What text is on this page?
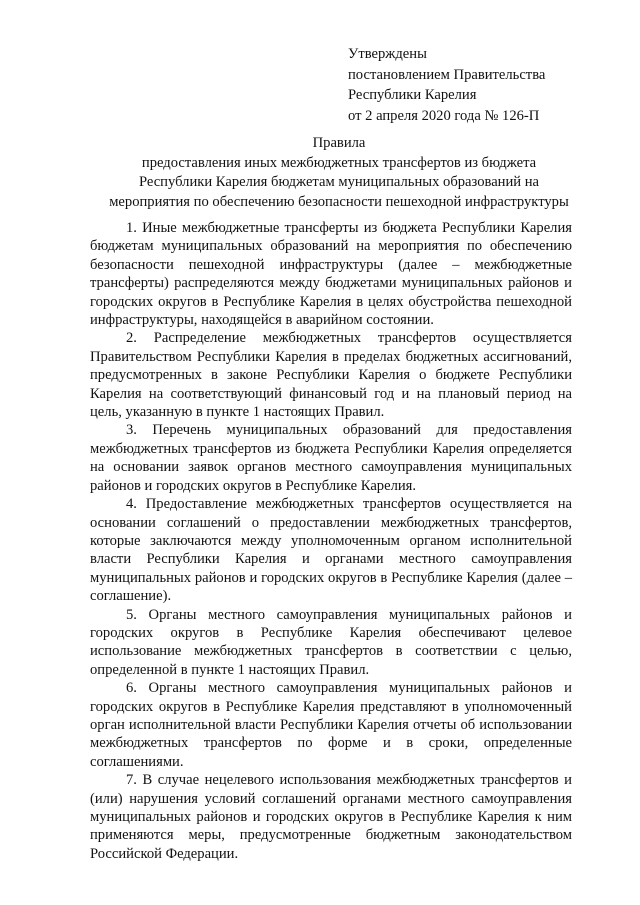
Утверждены
постановлением Правительства
Республики Карелия
от 2 апреля 2020 года № 126-П
Правила
предоставления иных межбюджетных трансфертов из бюджета
Республики Карелия бюджетам муниципальных образований на
мероприятия по обеспечению безопасности пешеходной инфраструктуры

1. Иные межбюджетные трансферты из бюджета Республики Карелия бюджетам муниципальных образований на мероприятия по обеспечению безопасности пешеходной инфраструктуры (далее – межбюджетные трансферты) распределяются между бюджетами муниципальных районов и городских округов в Республике Карелия в целях обустройства пешеходной инфраструктуры, находящейся в аварийном состоянии.

2. Распределение межбюджетных трансфертов осуществляется Правительством Республики Карелия в пределах бюджетных ассигнований, предусмотренных в законе Республики Карелия о бюджете Республики Карелия на соответствующий финансовый год и на плановый период на цель, указанную в пункте 1 настоящих Правил.

3. Перечень муниципальных образований для предоставления межбюджетных трансфертов из бюджета Республики Карелия определяется на основании заявок органов местного самоуправления муниципальных районов и городских округов в Республике Карелия.

4. Предоставление межбюджетных трансфертов осуществляется на основании соглашений о предоставлении межбюджетных трансфертов, которые заключаются между уполномоченным органом исполнительной власти Республики Карелия и органами местного самоуправления муниципальных районов и городских округов в Республике Карелия (далее – соглашение).

5. Органы местного самоуправления муниципальных районов и городских округов в Республике Карелия обеспечивают целевое использование межбюджетных трансфертов в соответствии с целью, определенной в пункте 1 настоящих Правил.

6. Органы местного самоуправления муниципальных районов и городских округов в Республике Карелия представляют в уполномоченный орган исполнительной власти Республики Карелия отчеты об использовании межбюджетных трансфертов по форме и в сроки, определенные соглашениями.

7. В случае нецелевого использования межбюджетных трансфертов и (или) нарушения условий соглашений органами местного самоуправления муниципальных районов и городских округов в Республике Карелия к ним применяются меры, предусмотренные бюджетным законодательством Российской Федерации.
